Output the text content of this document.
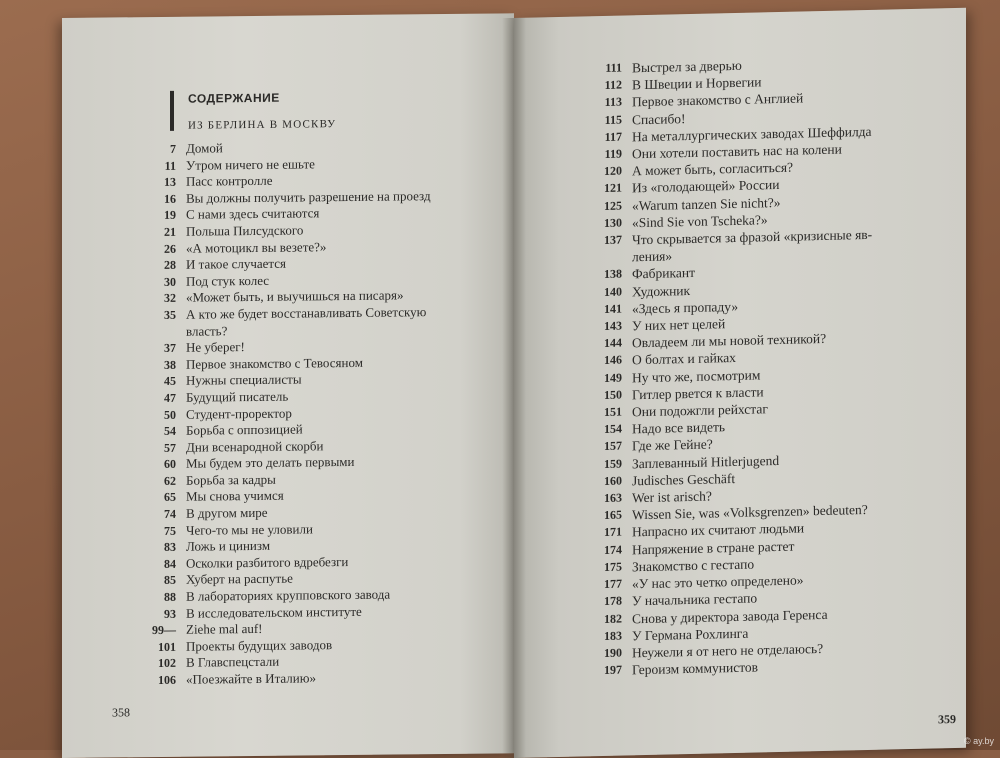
СОДЕРЖАНИЕ
ИЗ БЕРЛИНА В МОСКВУ
7 Домой
11 Утром ничего не ешьте
13 Пасс контролле
16 Вы должны получить разрешение на проезд
19 С нами здесь считаются
21 Польша Пилсудского
26 «А мотоцикл вы везете?»
28 И такое случается
30 Под стук колес
32 «Может быть, и выучишься на писаря»
35 А кто же будет восстанавливать Советскую
власть?
37 Не уберег!
38 Первое знакомство с Тевосяном
45 Нужны специалисты
47 Будущий писатель
50 Студент-проректор
54 Борьба с оппозицией
57 Дни всенародной скорби
60 Мы будем это делать первыми
62 Борьба за кадры
65 Мы снова учимся
74 В другом мире
75 Чего-то мы не уловили
83 Ложь и цинизм
84 Осколки разбитого вдребезги
85 Хуберт на распутье
88 В лабораториях крупповского завода
93 В исследовательском институте
99— Ziehe mal auf!
101 Проекты будущих заводов
102 В Главспецстали
106 «Поезжайте в Италию»
358
111 Выстрел за дверью
112 В Швеции и Норвегии
113 Первое знакомство с Англией
115 Спасибо!
117 На металлургических заводах Шеффилда
119 Они хотели поставить нас на колени
120 А может быть, согласиться?
121 Из «голодающей» России
125 «Warum tanzen Sie nicht?»
130 «Sind Sie von Tscheka?»
137 Что скрывается за фразой «кризисные яв-
ления»
138 Фабрикант
140 Художник
141 «Здесь я пропаду»
143 У них нет целей
144 Овладеем ли мы новой техникой?
146 О болтах и гайках
149 Ну что же, посмотрим
150 Гитлер рвется к власти
151 Они подожгли рейхстаг
154 Надо все видеть
157 Где же Гейне?
159 Заплеванный Hitlerjugend
160 Judisches Geschäft
163 Wer ist arisch?
165 Wissen Sie, was «Volksgrenzen» bedeuten?
171 Напрасно их считают людьми
174 Напряжение в стране растет
175 Знакомство с гестапо
177 «У нас это четко определено»
178 У начальника гестапо
182 Снова у директора завода Геренса
183 У Германа Рохлинга
190 Неужели я от него не отделаюсь?
197 Героизм коммунистов
359
© ay.by
